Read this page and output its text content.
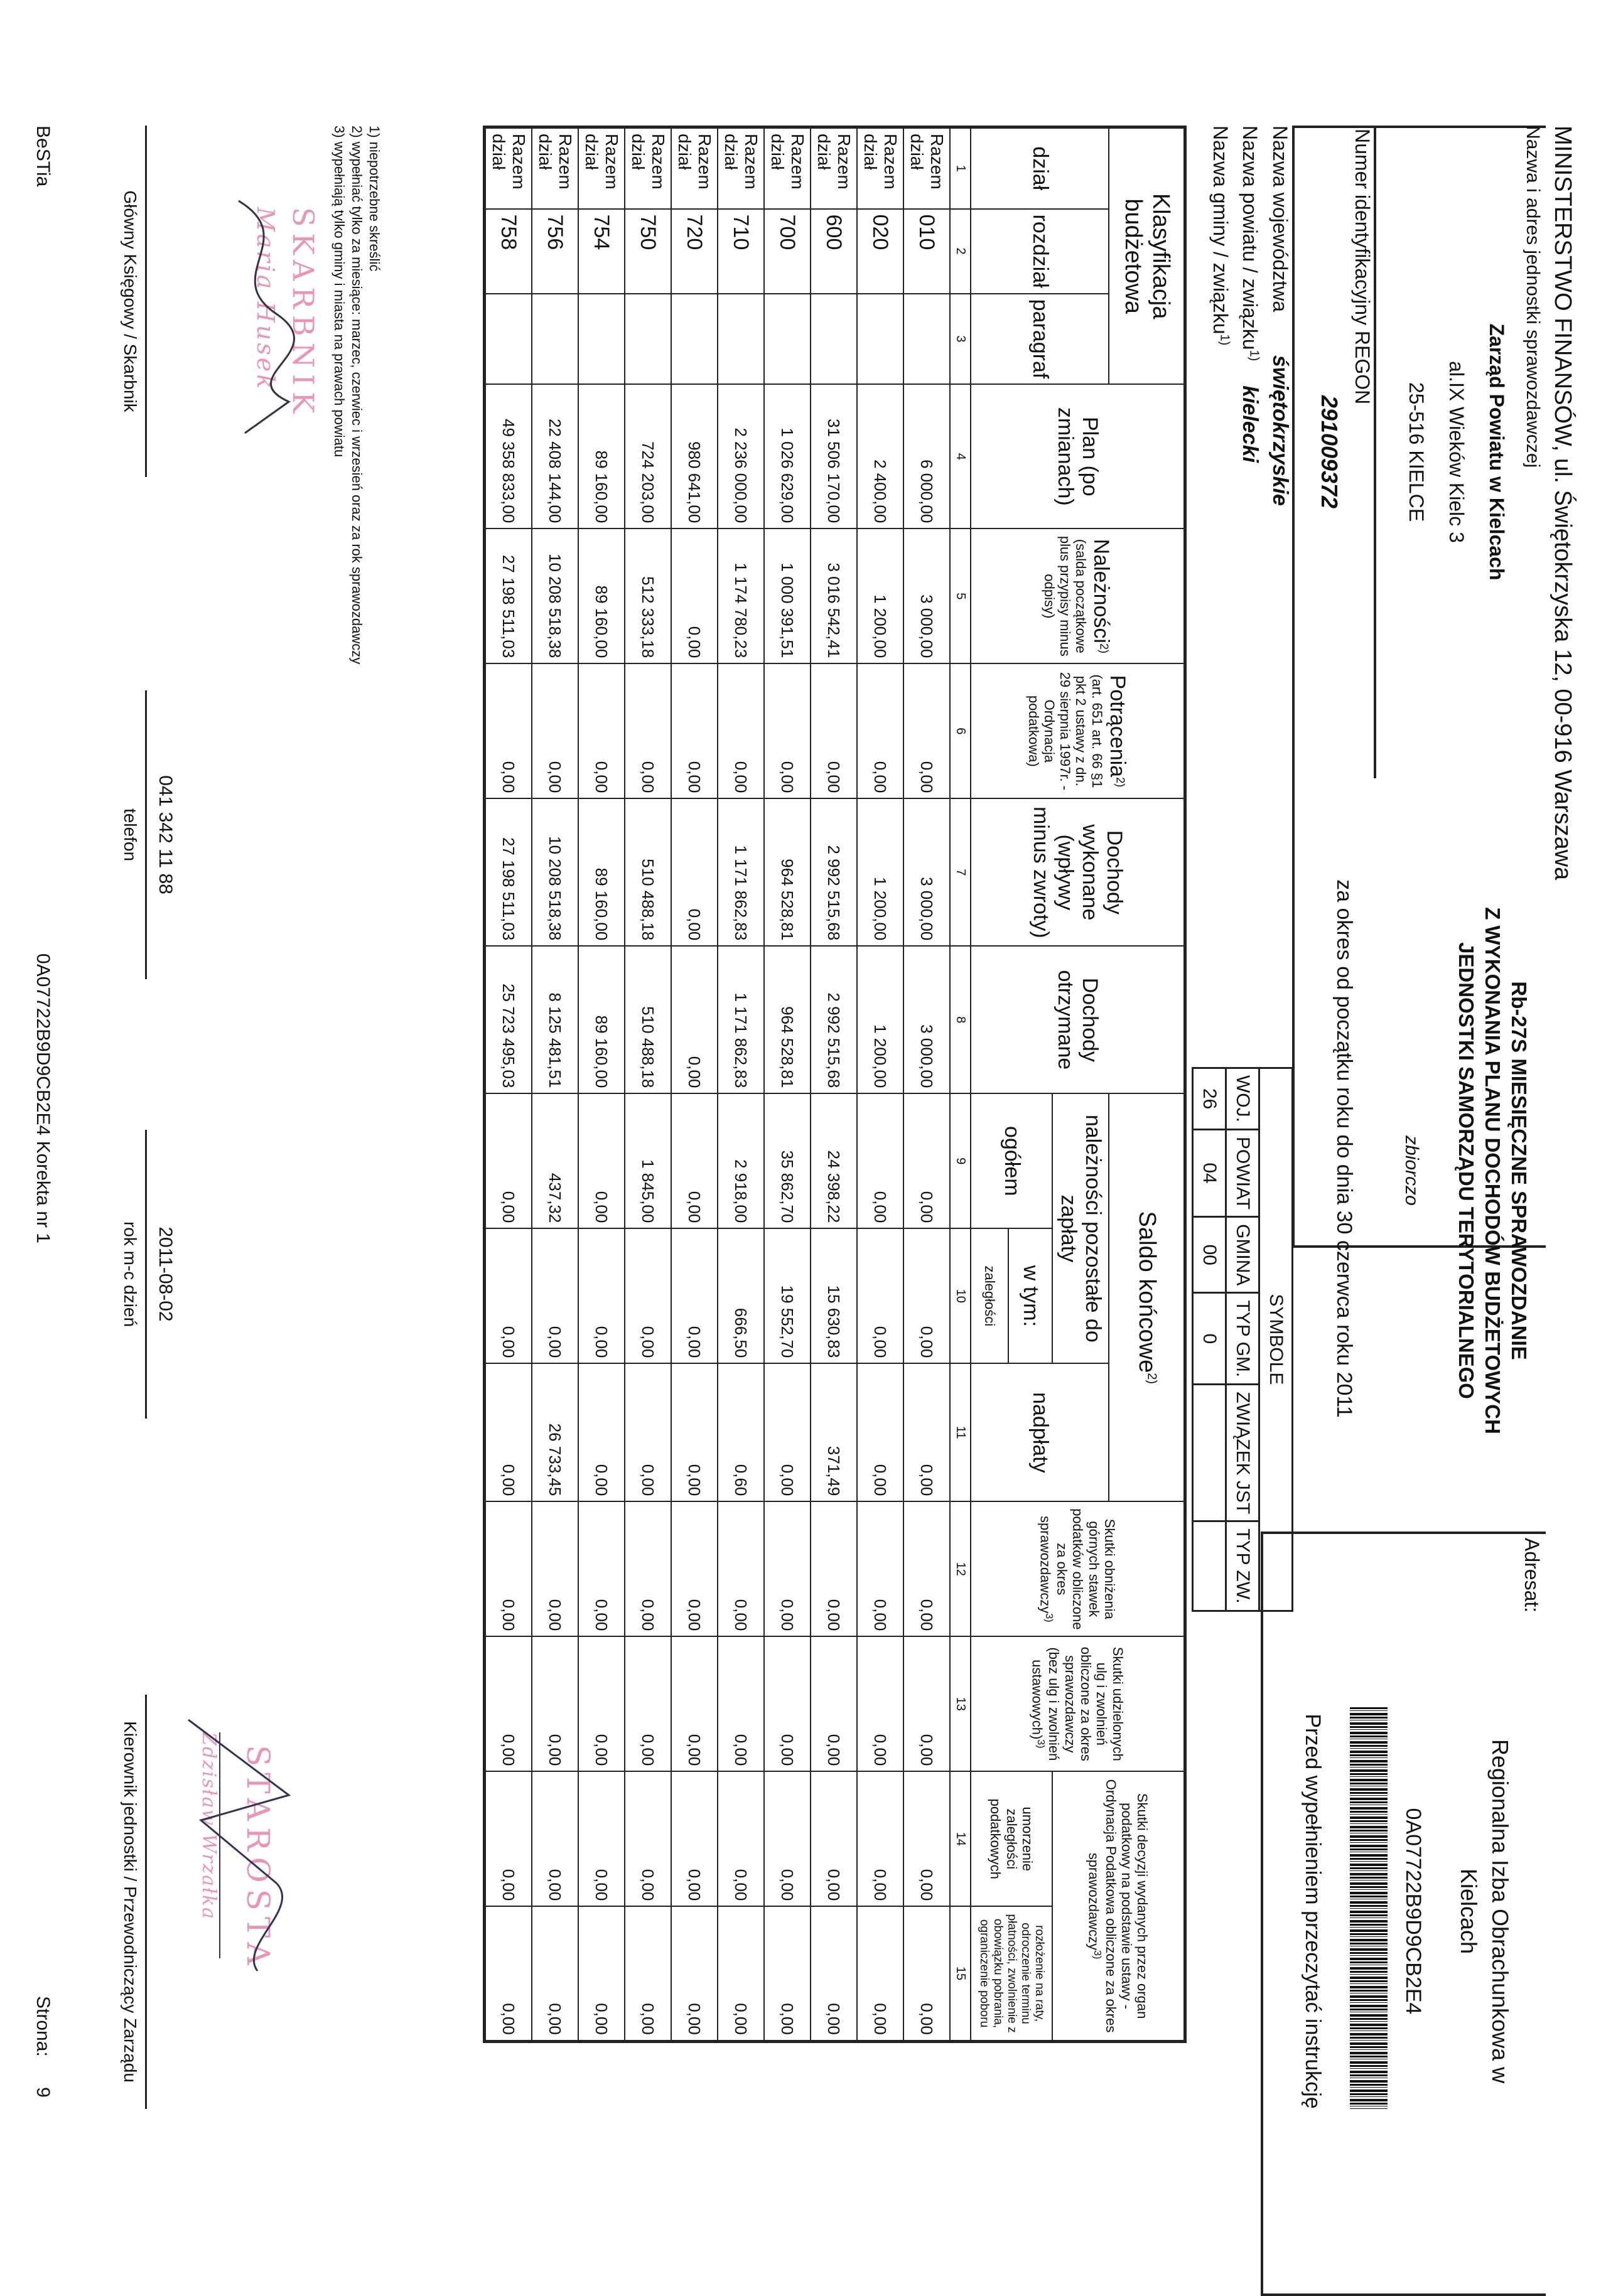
MINISTERSTWO FINANSÓW, ul. Świętokrzyska 12, 00-916 Warszawa
Nazwa i adres jednostki sprawozdawczej
Zarząd Powiatu w Kielcach
al.IX Wieków Kielc 3
25-516 KIELCE
Numer identyfikacyjny REGON
291009372
Rb-27S MIESIĘCZNE SPRAWOZDANIE
Z WYKONANIA PLANU DOCHODÓW BUDŻETOWYCH
JEDNOSTKI SAMORZĄDU TERYTORIALNEGO
zbiorczo
za okres od początku roku do dnia 30 czerwca roku 2011
Adresat:
Regionalna Izba Obrachunkowa w
Kielcach
0A07722B9D9CB2E4
Przed wypełnieniem przeczytać instrukcję
SYMBOLE					
WOJ.	POWIAT	GMINA	TYP GM.	ZWIĄZEK JST	TYP ZW.
26	04	00	0		
Nazwa województwa świętokrzyskie
Nazwa powiatu / związku$^{1)}$ kielecki
Nazwa gminy / związku$^{1)}$
Klasyfikacja budżetowa			Plan (po zmianach)	Należności$^{2)}$
(salda początkowe plus przypisy minus odpisy)	Potrącenia$^{2)}$
(art. 651 art. 66 §1 pkt 2 ustawy z dn. 29 sierpnia 1997r. - Ordynacja podatkowa)	Dochody wykonane (wpływy minus zwroty)	Dochody otrzymane	Saldo końcowe$^{2)}$			Skutki obniżenia górnych stawek podatków obliczone za okres sprawozdawczy$^{3)}$	Skutki udzielonych ulg i zwolnień obliczone za okres sprawozdawczy (bez ulg i zwolnień ustawowych)$^{3)}$	Skutki decyzji wydanych przez organ podatkowy na podstawie ustawy - Ordynacja Podatkowa obliczone za okres sprawozdawczy$^{3)}$
dział	rozdział	paragraf						należności pozostałe do zapłaty		nadpłaty				
								ogółem	w tym:				umorzenie zaległości podatkowych	rozłożenie na raty, odroczenie terminu płatności, zwolnienie z obowiązku pobrania, ograniczenie poboru
									zaległości					
1	2	3	4	5	6	7	8	9	10	11	12	13	14	15
Razem dział	010		6 000,00	3 000,00	0,00	3 000,00	3 000,00	0,00	0,00	0,00	0,00	0,00	0,00	0,00
Razem dział	020		2 400,00	1 200,00	0,00	1 200,00	1 200,00	0,00	0,00	0,00	0,00	0,00	0,00	0,00
Razem dział	600		31 506 170,00	3 016 542,41	0,00	2 992 515,68	2 992 515,68	24 398,22	15 630,83	371,49	0,00	0,00	0,00	0,00
Razem dział	700		1 026 629,00	1 000 391,51	0,00	964 528,81	964 528,81	35 862,70	19 552,70	0,00	0,00	0,00	0,00	0,00
Razem dział	710		2 236 000,00	1 174 780,23	0,00	1 171 862,83	1 171 862,83	2 918,00	666,50	0,60	0,00	0,00	0,00	0,00
Razem dział	720		980 641,00	0,00	0,00	0,00	0,00	0,00	0,00	0,00	0,00	0,00	0,00	0,00
Razem dział	750		724 203,00	512 333,18	0,00	510 488,18	510 488,18	1 845,00	0,00	0,00	0,00	0,00	0,00	0,00
Razem dział	754		89 160,00	89 160,00	0,00	89 160,00	89 160,00	0,00	0,00	0,00	0,00	0,00	0,00	0,00
Razem dział	756		22 408 144,00	10 208 518,38	0,00	10 208 518,38	8 125 481,51	437,32	0,00	26 733,45	0,00	0,00	0,00	0,00
Razem dział	758		49 358 833,00	27 198 511,03	0,00	27 198 511,03	25 723 495,03	0,00	0,00	0,00	0,00	0,00	0,00	0,00
1) niepotrzebne skreślić
2) wypełniać tylko za miesiące: marzec, czerwiec i wrzesień oraz za rok sprawozdawczy
3) wypełniają tylko gminy i miasta na prawach powiatu
SKARBNIK
Maria Husek
Główny Księgowy / Skarbnik
041 342 11 88
telefon
2011-08-02
rok m-c dzień
STAROSTA
Zdzisław Wrzałka
Kierownik jednostki / Przewodniczący Zarządu
BeSTia
0A07722B9D9CB2E4 Korekta nr 1
Strona: 9
